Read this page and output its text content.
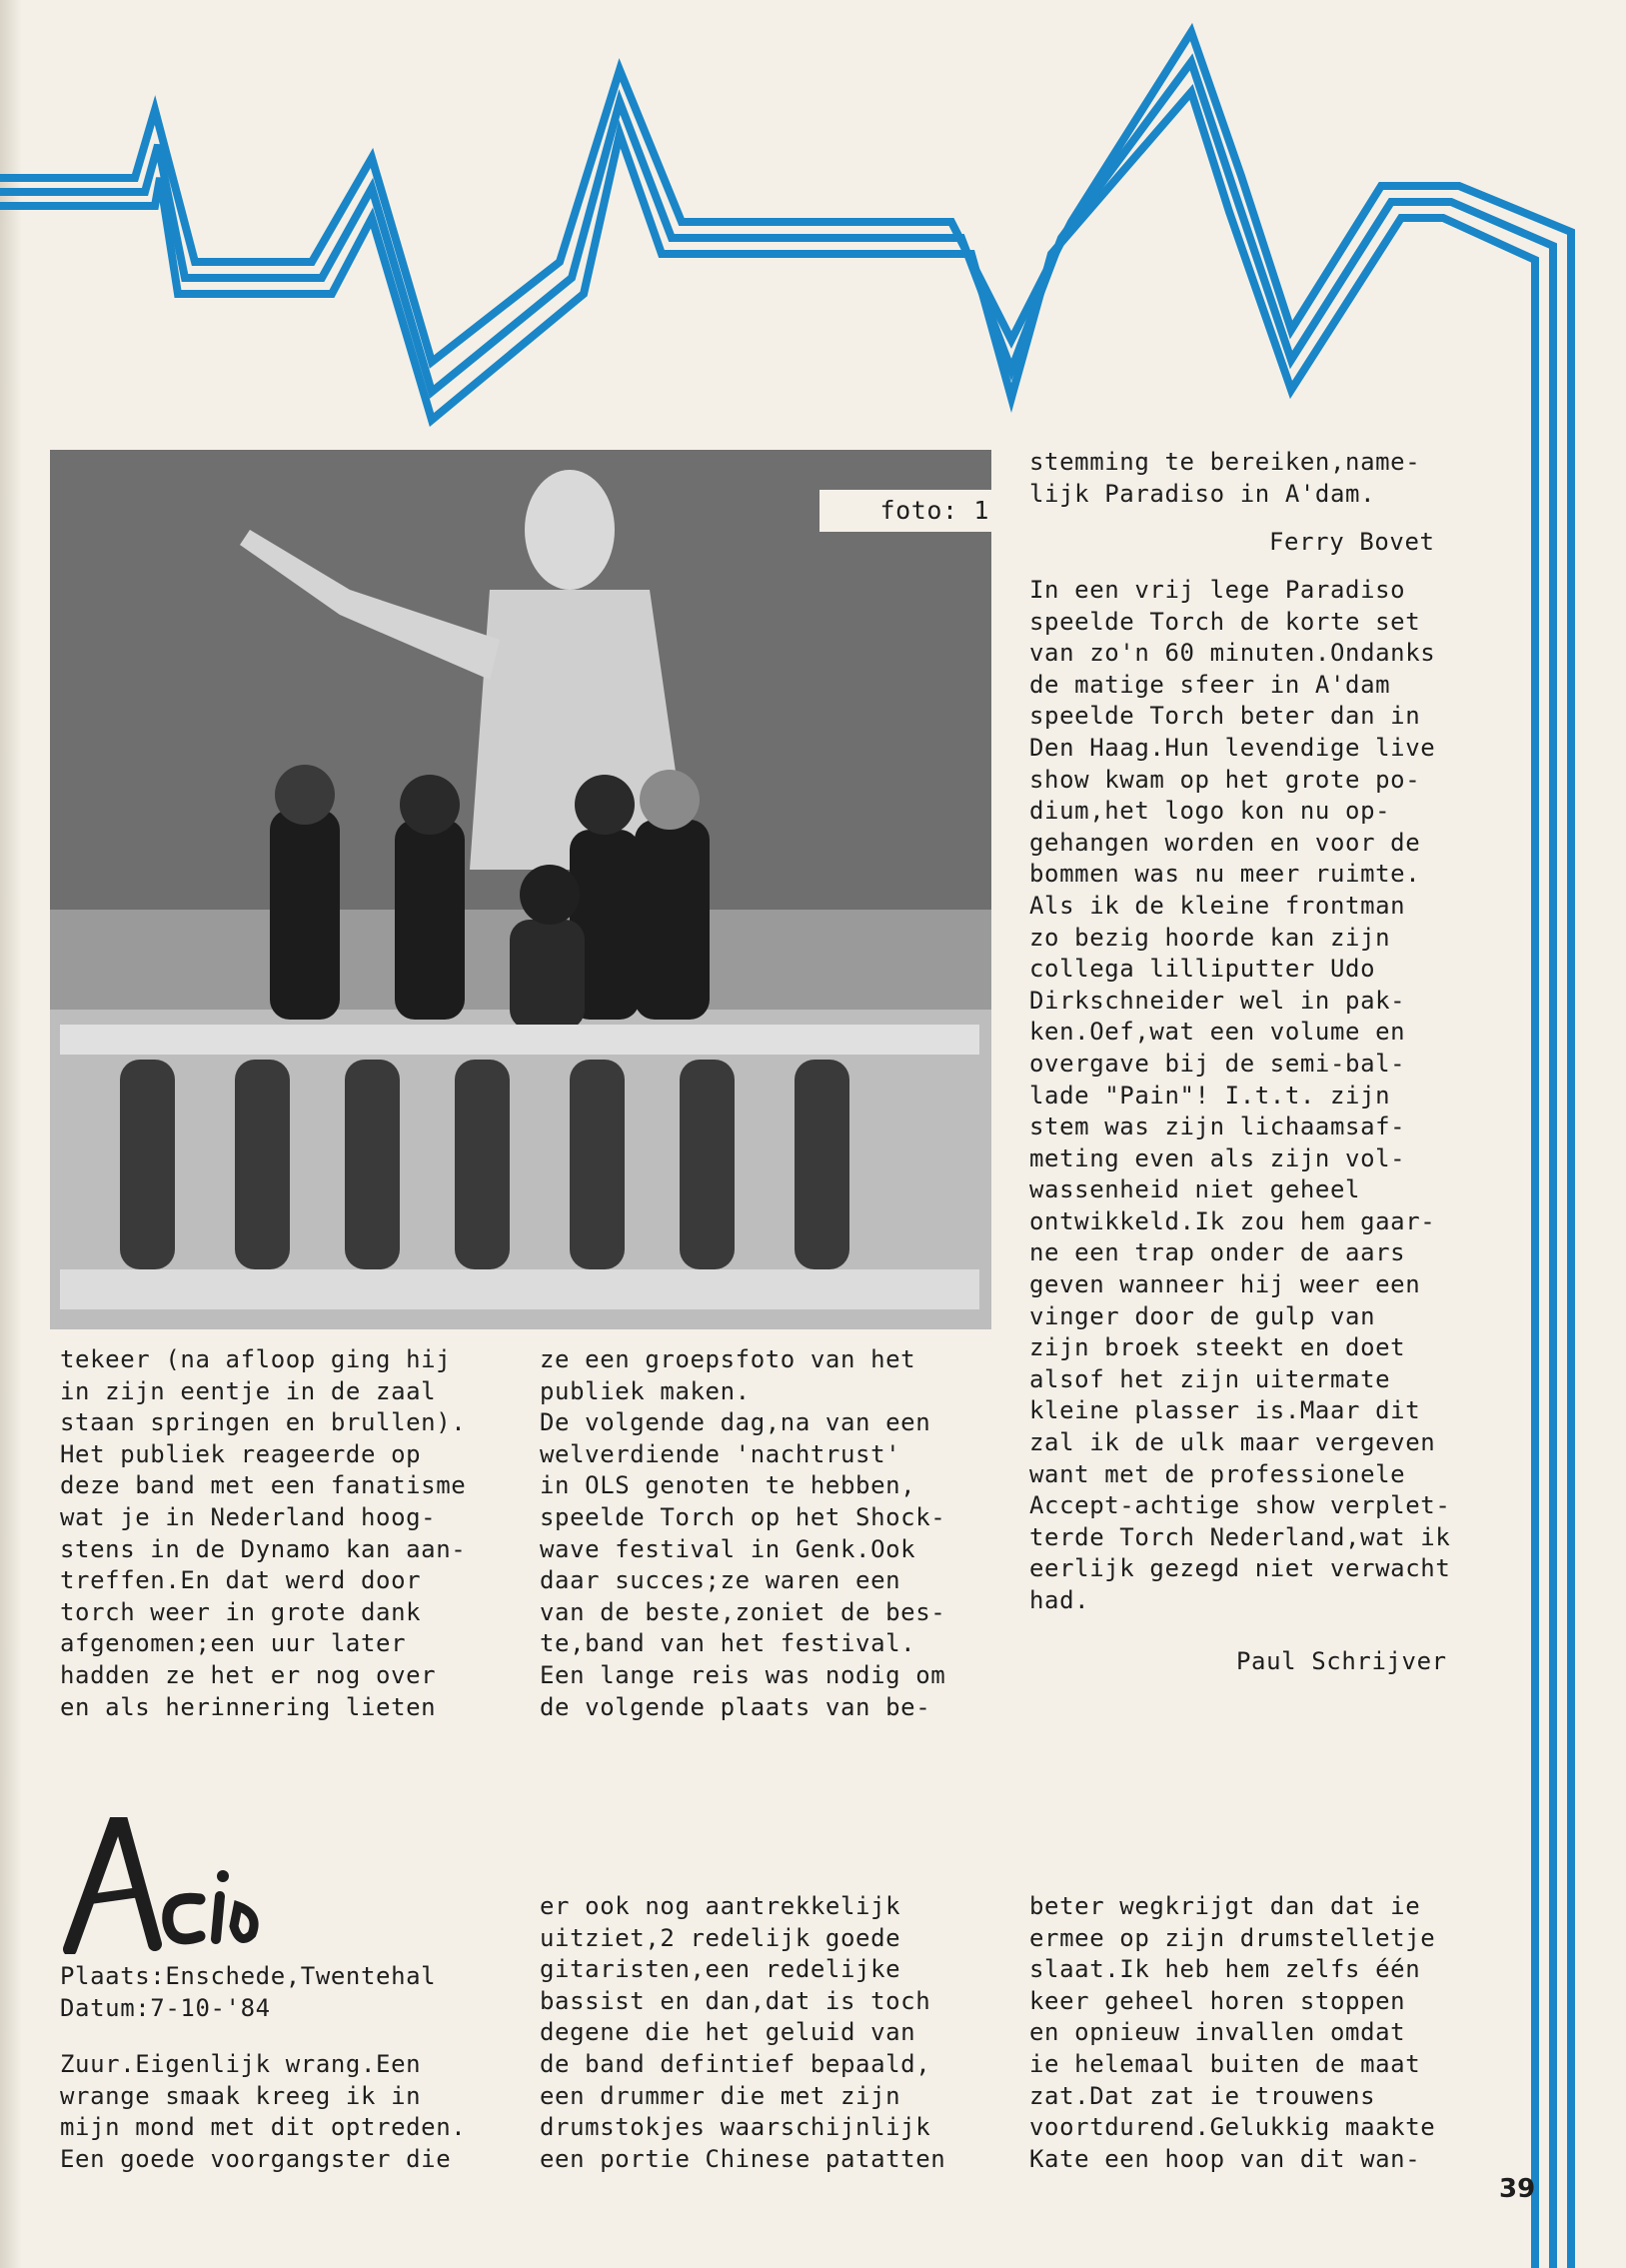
foto: 1

tekeer (na afloop ging hij

in zijn eentje in de zaal

staan springen en brullen).

Het publiek reageerde op

deze band met een fanatisme

wat je in Nederland hoog-

stens in de Dynamo kan aan-

treffen.En dat werd door

torch weer in grote dank

afgenomen;een uur later

hadden ze het er nog over

en als herinnering lieten

ze een groepsfoto van het

publiek maken.

De volgende dag,na van een

welverdiende 'nachtrust'

in OLS genoten te hebben,

speelde Torch op het Shock-

wave festival in Genk.Ook

daar succes;ze waren een

van de beste,zoniet de bes-

te,band van het festival.

Een lange reis was nodig om

de volgende plaats van be-

stemming te bereiken,name-

lijk Paradiso in A'dam.

Ferry Bovet

In een vrij lege Paradiso

speelde Torch de korte set

van zo'n 60 minuten.Ondanks

de matige sfeer in A'dam

speelde Torch beter dan in

Den Haag.Hun levendige live

show kwam op het grote po-

dium,het logo kon nu op-

gehangen worden en voor de

bommen was nu meer ruimte.

Als ik de kleine frontman

zo bezig hoorde kan zijn

collega lilliputter Udo

Dirkschneider wel in pak-

ken.Oef,wat een volume en

overgave bij de semi-bal-

lade "Pain"! I.t.t. zijn

stem was zijn lichaamsaf-

meting even als zijn vol-

wassenheid niet geheel

ontwikkeld.Ik zou hem gaar-

ne een trap onder de aars

geven wanneer hij weer een

vinger door de gulp van

zijn broek steekt en doet

alsof het zijn uitermate

kleine plasser is.Maar dit

zal ik de ulk maar vergeven

want met de professionele

Accept-achtige show verplet-

terde Torch Nederland,wat ik

eerlijk gezegd niet verwacht

had.

Paul Schrijver
Plaats:Enschede,Twentehal
Datum:7-10-'84

Zuur.Eigenlijk wrang.Een

wrange smaak kreeg ik in

mijn mond met dit optreden.

Een goede voorgangster die

er ook nog aantrekkelijk

uitziet,2 redelijk goede

gitaristen,een redelijke

bassist en dan,dat is toch

degene die het geluid van

de band defintief bepaald,

een drummer die met zijn

drumstokjes waarschijnlijk

een portie Chinese patatten

beter wegkrijgt dan dat ie

ermee op zijn drumstelletje

slaat.Ik heb hem zelfs één

keer geheel horen stoppen

en opnieuw invallen omdat

ie helemaal buiten de maat

zat.Dat zat ie trouwens

voortdurend.Gelukkig maakte

Kate een hoop van dit wan-

39
